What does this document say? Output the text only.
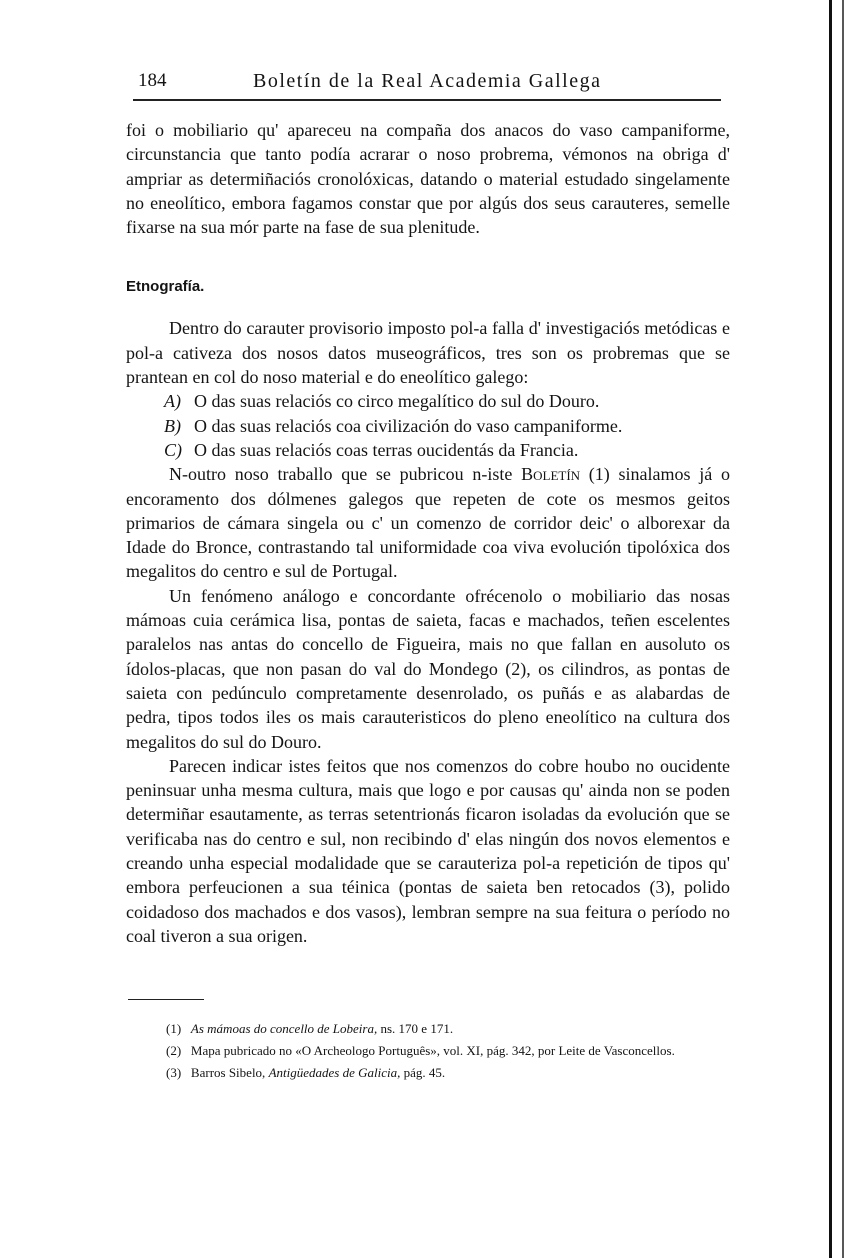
184	Boletín de la Real Academia Gallega

foi o mobiliario qu' apareceu na compaña dos anacos do vaso campaniforme, circunstancia que tanto podía acrarar o noso probrema, vémonos na obriga d' ampriar as determiñaciós cronolóxicas, datando o material estudado singelamente no eneolítico, embora fagamos constar que por algús dos seus carauteres, semelle fixarse na sua mór parte na fase de sua plenitude.

Etnografía.

Dentro do carauter provisorio imposto pol-a falla d' investigaciós metódicas e pol-a cativeza dos nosos datos museográficos, tres son os probremas que se prantean en col do noso material e do eneolítico galego:

A) O das suas relaciós co circo megalítico do sul do Douro.
B) O das suas relaciós coa civilización do vaso campaniforme.
C) O das suas relaciós coas terras oucidentás da Francia.

N-outro noso traballo que se pubricou n-iste Boletín (1) sinalamos já o encoramento dos dólmenes galegos que repeten de cote os mesmos geitos primarios de cámara singela ou c' un comenzo de corridor deic' o alborexar da Idade do Bronce, contrastando tal uniformidade coa viva evolución tipolóxica dos megalitos do centro e sul de Portugal.

Un fenómeno análogo e concordante ofrécenolo o mobiliario das nosas mámoas cuia cerámica lisa, pontas de saieta, facas e machados, teñen escelentes paralelos nas antas do concello de Figueira, mais no que fallan en ausoluto os ídolos-placas, que non pasan do val do Mondego (2), os cilindros, as pontas de saieta con pedúnculo compretamente desenrolado, os puñás e as alabardas de pedra, tipos todos iles os mais carauteristicos do pleno eneolítico na cultura dos megalitos do sul do Douro.

Parecen indicar istes feitos que nos comenzos do cobre houbo no oucidente peninsuar unha mesma cultura, mais que logo e por causas qu' ainda non se poden determiñar esautamente, as terras setentrionás ficaron isoladas da evolución que se verificaba nas do centro e sul, non recibindo d' elas ningún dos novos elementos e creando unha especial modalidade que se carauteriza pol-a repetición de tipos qu' embora perfeucionen a sua téinica (pontas de saieta ben retocados (3), polido coidadoso dos machados e dos vasos), lembran sempre na sua feitura o período no coal tiveron a sua origen.

(1) As mámoas do concello de Lobeira, ns. 170 e 171.
(2) Mapa pubricado no «O Archeologo Português», vol. XI, pág. 342, por Leite de Vasconcellos.
(3) Barros Sibelo, Antigüedades de Galicia, pág. 45.
